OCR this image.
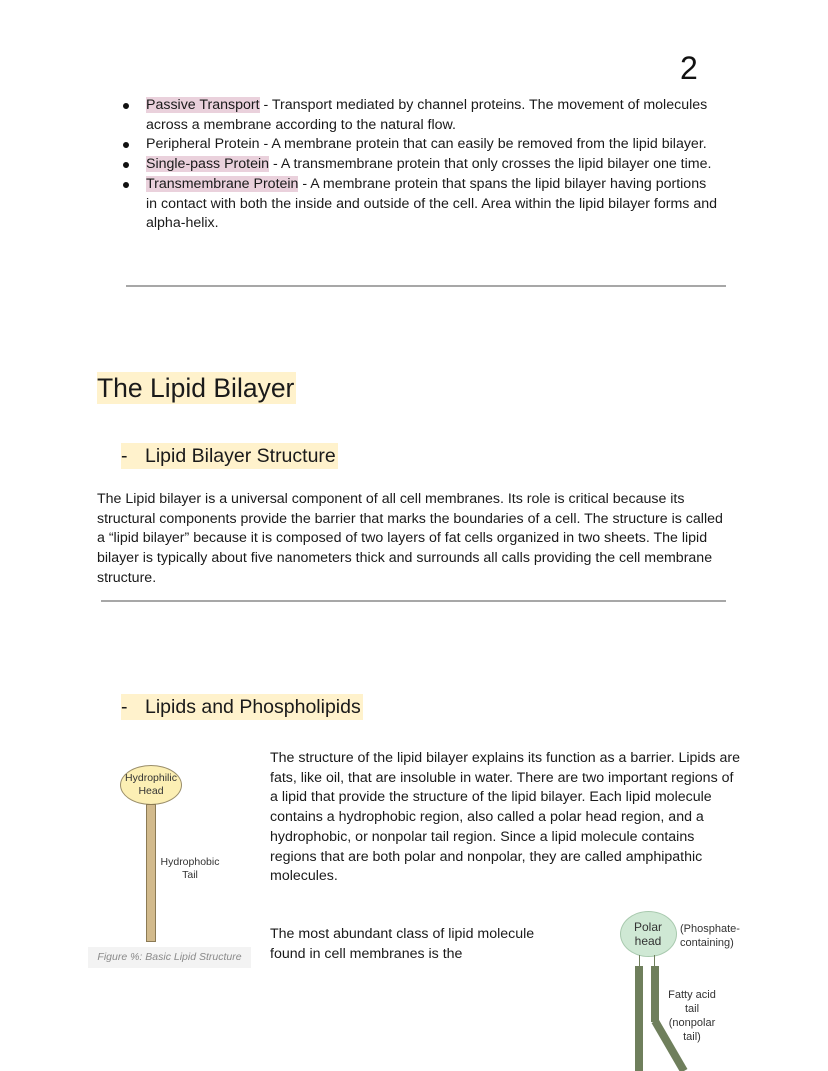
2
Passive Transport - Transport mediated by channel proteins. The movement of molecules across a membrane according to the natural flow.
Peripheral Protein - A membrane protein that can easily be removed from the lipid bilayer.
Single-pass Protein - A transmembrane protein that only crosses the lipid bilayer one time.
Transmembrane Protein - A membrane protein that spans the lipid bilayer having portions in contact with both the inside and outside of the cell. Area within the lipid bilayer forms and alpha-helix.
The Lipid Bilayer
- Lipid Bilayer Structure

The Lipid bilayer is a universal component of all cell membranes. Its role is critical because its structural components provide the barrier that marks the boundaries of a cell. The structure is called a “lipid bilayer” because it is composed of two layers of fat cells organized in two sheets. The lipid bilayer is typically about five nanometers thick and surrounds all calls providing the cell membrane structure.

- Lipids and Phospholipids
Hydrophilic
Head
Hydrophobic
Tail
Figure %: Basic Lipid Structure

The structure of the lipid bilayer explains its function as a barrier. Lipids are fats, like oil, that are insoluble in water. There are two important regions of a lipid that provide the structure of the lipid bilayer. Each lipid molecule contains a hydrophobic region, also called a polar head region, and a hydrophobic, or nonpolar tail region. Since a lipid molecule contains regions that are both polar and nonpolar, they are called amphipathic
molecules.

The most abundant class of lipid molecule
found in cell membranes is the

Polar
head
(Phosphate-
containing)
Fatty acid
tail
(nonpolar
tail)
